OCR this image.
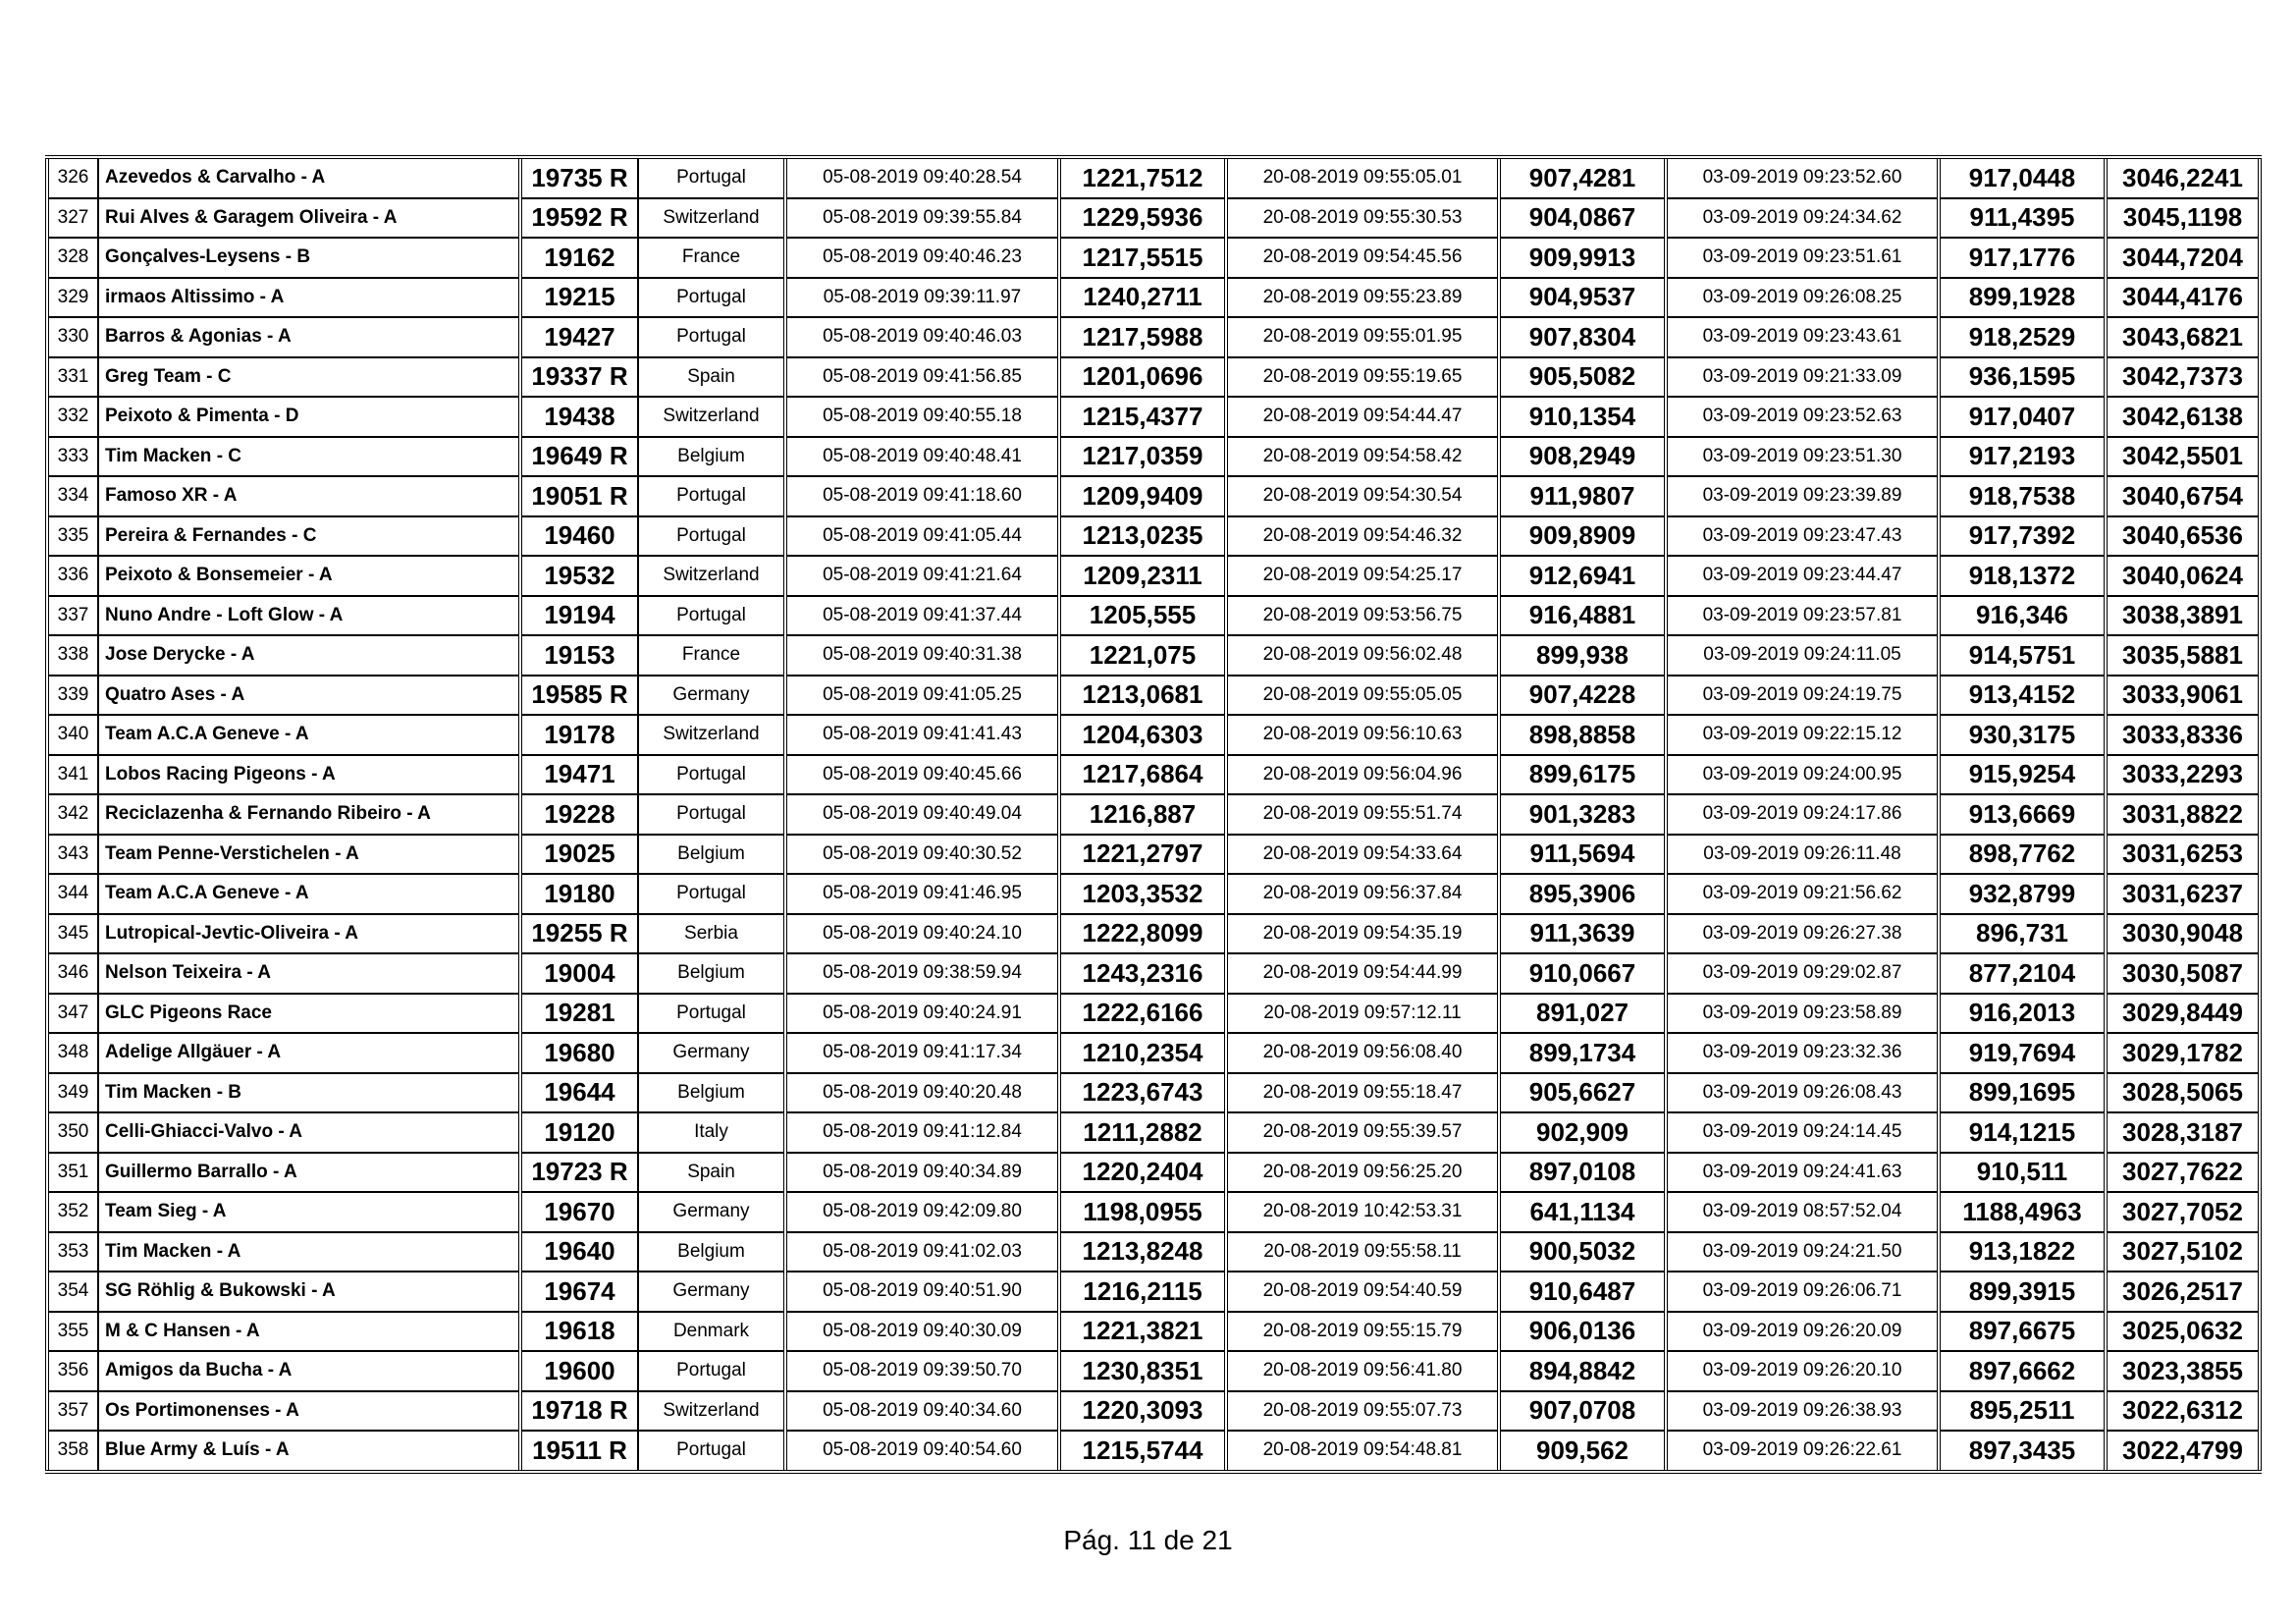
326	Azevedos & Carvalho - A	19735 R	Portugal	05-08-2019 09:40:28.54	1221,7512	20-08-2019 09:55:05.01	907,4281	03-09-2019 09:23:52.60	917,0448	3046,2241
327	Rui Alves & Garagem Oliveira - A	19592 R	Switzerland	05-08-2019 09:39:55.84	1229,5936	20-08-2019 09:55:30.53	904,0867	03-09-2019 09:24:34.62	911,4395	3045,1198
328	Gonçalves-Leysens - B	19162	France	05-08-2019 09:40:46.23	1217,5515	20-08-2019 09:54:45.56	909,9913	03-09-2019 09:23:51.61	917,1776	3044,7204
329	irmaos Altissimo - A	19215	Portugal	05-08-2019 09:39:11.97	1240,2711	20-08-2019 09:55:23.89	904,9537	03-09-2019 09:26:08.25	899,1928	3044,4176
330	Barros & Agonias - A	19427	Portugal	05-08-2019 09:40:46.03	1217,5988	20-08-2019 09:55:01.95	907,8304	03-09-2019 09:23:43.61	918,2529	3043,6821
331	Greg Team - C	19337 R	Spain	05-08-2019 09:41:56.85	1201,0696	20-08-2019 09:55:19.65	905,5082	03-09-2019 09:21:33.09	936,1595	3042,7373
332	Peixoto & Pimenta - D	19438	Switzerland	05-08-2019 09:40:55.18	1215,4377	20-08-2019 09:54:44.47	910,1354	03-09-2019 09:23:52.63	917,0407	3042,6138
333	Tim Macken - C	19649 R	Belgium	05-08-2019 09:40:48.41	1217,0359	20-08-2019 09:54:58.42	908,2949	03-09-2019 09:23:51.30	917,2193	3042,5501
334	Famoso XR - A	19051 R	Portugal	05-08-2019 09:41:18.60	1209,9409	20-08-2019 09:54:30.54	911,9807	03-09-2019 09:23:39.89	918,7538	3040,6754
335	Pereira & Fernandes - C	19460	Portugal	05-08-2019 09:41:05.44	1213,0235	20-08-2019 09:54:46.32	909,8909	03-09-2019 09:23:47.43	917,7392	3040,6536
336	Peixoto & Bonsemeier - A	19532	Switzerland	05-08-2019 09:41:21.64	1209,2311	20-08-2019 09:54:25.17	912,6941	03-09-2019 09:23:44.47	918,1372	3040,0624
337	Nuno Andre - Loft Glow - A	19194	Portugal	05-08-2019 09:41:37.44	1205,555	20-08-2019 09:53:56.75	916,4881	03-09-2019 09:23:57.81	916,346	3038,3891
338	Jose Derycke - A	19153	France	05-08-2019 09:40:31.38	1221,075	20-08-2019 09:56:02.48	899,938	03-09-2019 09:24:11.05	914,5751	3035,5881
339	Quatro Ases - A	19585 R	Germany	05-08-2019 09:41:05.25	1213,0681	20-08-2019 09:55:05.05	907,4228	03-09-2019 09:24:19.75	913,4152	3033,9061
340	Team A.C.A Geneve - A	19178	Switzerland	05-08-2019 09:41:41.43	1204,6303	20-08-2019 09:56:10.63	898,8858	03-09-2019 09:22:15.12	930,3175	3033,8336
341	Lobos Racing Pigeons - A	19471	Portugal	05-08-2019 09:40:45.66	1217,6864	20-08-2019 09:56:04.96	899,6175	03-09-2019 09:24:00.95	915,9254	3033,2293
342	Reciclazenha & Fernando Ribeiro - A	19228	Portugal	05-08-2019 09:40:49.04	1216,887	20-08-2019 09:55:51.74	901,3283	03-09-2019 09:24:17.86	913,6669	3031,8822
343	Team Penne-Verstichelen - A	19025	Belgium	05-08-2019 09:40:30.52	1221,2797	20-08-2019 09:54:33.64	911,5694	03-09-2019 09:26:11.48	898,7762	3031,6253
344	Team A.C.A Geneve - A	19180	Portugal	05-08-2019 09:41:46.95	1203,3532	20-08-2019 09:56:37.84	895,3906	03-09-2019 09:21:56.62	932,8799	3031,6237
345	Lutropical-Jevtic-Oliveira - A	19255 R	Serbia	05-08-2019 09:40:24.10	1222,8099	20-08-2019 09:54:35.19	911,3639	03-09-2019 09:26:27.38	896,731	3030,9048
346	Nelson Teixeira - A	19004	Belgium	05-08-2019 09:38:59.94	1243,2316	20-08-2019 09:54:44.99	910,0667	03-09-2019 09:29:02.87	877,2104	3030,5087
347	GLC Pigeons Race	19281	Portugal	05-08-2019 09:40:24.91	1222,6166	20-08-2019 09:57:12.11	891,027	03-09-2019 09:23:58.89	916,2013	3029,8449
348	Adelige Allgäuer - A	19680	Germany	05-08-2019 09:41:17.34	1210,2354	20-08-2019 09:56:08.40	899,1734	03-09-2019 09:23:32.36	919,7694	3029,1782
349	Tim Macken - B	19644	Belgium	05-08-2019 09:40:20.48	1223,6743	20-08-2019 09:55:18.47	905,6627	03-09-2019 09:26:08.43	899,1695	3028,5065
350	Celli-Ghiacci-Valvo - A	19120	Italy	05-08-2019 09:41:12.84	1211,2882	20-08-2019 09:55:39.57	902,909	03-09-2019 09:24:14.45	914,1215	3028,3187
351	Guillermo Barrallo - A	19723 R	Spain	05-08-2019 09:40:34.89	1220,2404	20-08-2019 09:56:25.20	897,0108	03-09-2019 09:24:41.63	910,511	3027,7622
352	Team Sieg - A	19670	Germany	05-08-2019 09:42:09.80	1198,0955	20-08-2019 10:42:53.31	641,1134	03-09-2019 08:57:52.04	1188,4963	3027,7052
353	Tim Macken - A	19640	Belgium	05-08-2019 09:41:02.03	1213,8248	20-08-2019 09:55:58.11	900,5032	03-09-2019 09:24:21.50	913,1822	3027,5102
354	SG Röhlig & Bukowski - A	19674	Germany	05-08-2019 09:40:51.90	1216,2115	20-08-2019 09:54:40.59	910,6487	03-09-2019 09:26:06.71	899,3915	3026,2517
355	M & C Hansen - A	19618	Denmark	05-08-2019 09:40:30.09	1221,3821	20-08-2019 09:55:15.79	906,0136	03-09-2019 09:26:20.09	897,6675	3025,0632
356	Amigos da Bucha - A	19600	Portugal	05-08-2019 09:39:50.70	1230,8351	20-08-2019 09:56:41.80	894,8842	03-09-2019 09:26:20.10	897,6662	3023,3855
357	Os Portimonenses - A	19718 R	Switzerland	05-08-2019 09:40:34.60	1220,3093	20-08-2019 09:55:07.73	907,0708	03-09-2019 09:26:38.93	895,2511	3022,6312
358	Blue Army & Luís - A	19511 R	Portugal	05-08-2019 09:40:54.60	1215,5744	20-08-2019 09:54:48.81	909,562	03-09-2019 09:26:22.61	897,3435	3022,4799
Pág. 11 de 21
